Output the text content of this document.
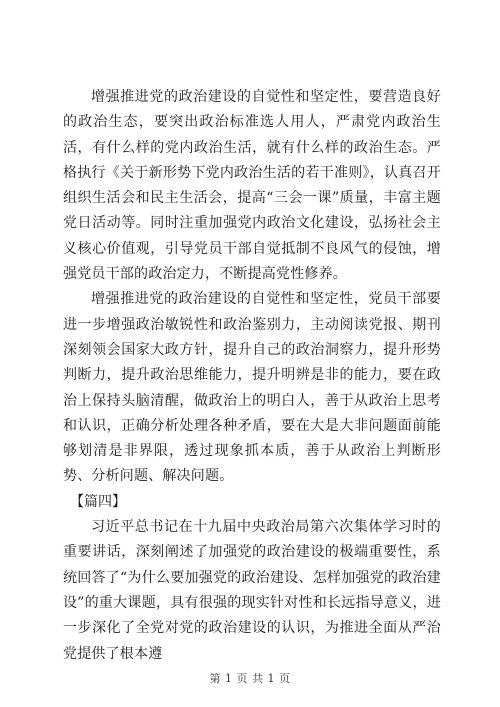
增强推进党的政治建设的自觉性和坚定性，要营造良好的政治生态，要突出政治标准选人用人，严肃党内政治生活，有什么样的党内政治生活，就有什么样的政治生态。严格执行《关于新形势下党内政治生活的若干准则》，认真召开组织生活会和民主生活会，提高“三会一课”质量，丰富主题党日活动等。同时注重加强党内政治文化建设，弘扬社会主义核心价值观，引导党员干部自觉抵制不良风气的侵蚀，增强党员干部的政治定力，不断提高党性修养。

增强推进党的政治建设的自觉性和坚定性，党员干部要进一步增强政治敏锐性和政治鉴别力，主动阅读党报、期刊深刻领会国家大政方针，提升自己的政治洞察力，提升形势判断力，提升政治思维能力，提升明辨是非的能力，要在政治上保持头脑清醒，做政治上的明白人，善于从政治上思考和认识，正确分析处理各种矛盾，要在大是大非问题面前能够划清是非界限，透过现象抓本质，善于从政治上判断形势、分析问题、解决问题。

【篇四】

习近平总书记在十九届中央政治局第六次集体学习时的重要讲话，深刻阐述了加强党的政治建设的极端重要性，系统回答了“为什么要加强党的政治建设、怎样加强党的政治建设”的重大课题，具有很强的现实针对性和长远指导意义，进一步深化了全党对党的政治建设的认识，为推进全面从严治党提供了根本遵

第 1 页 共 1 页
